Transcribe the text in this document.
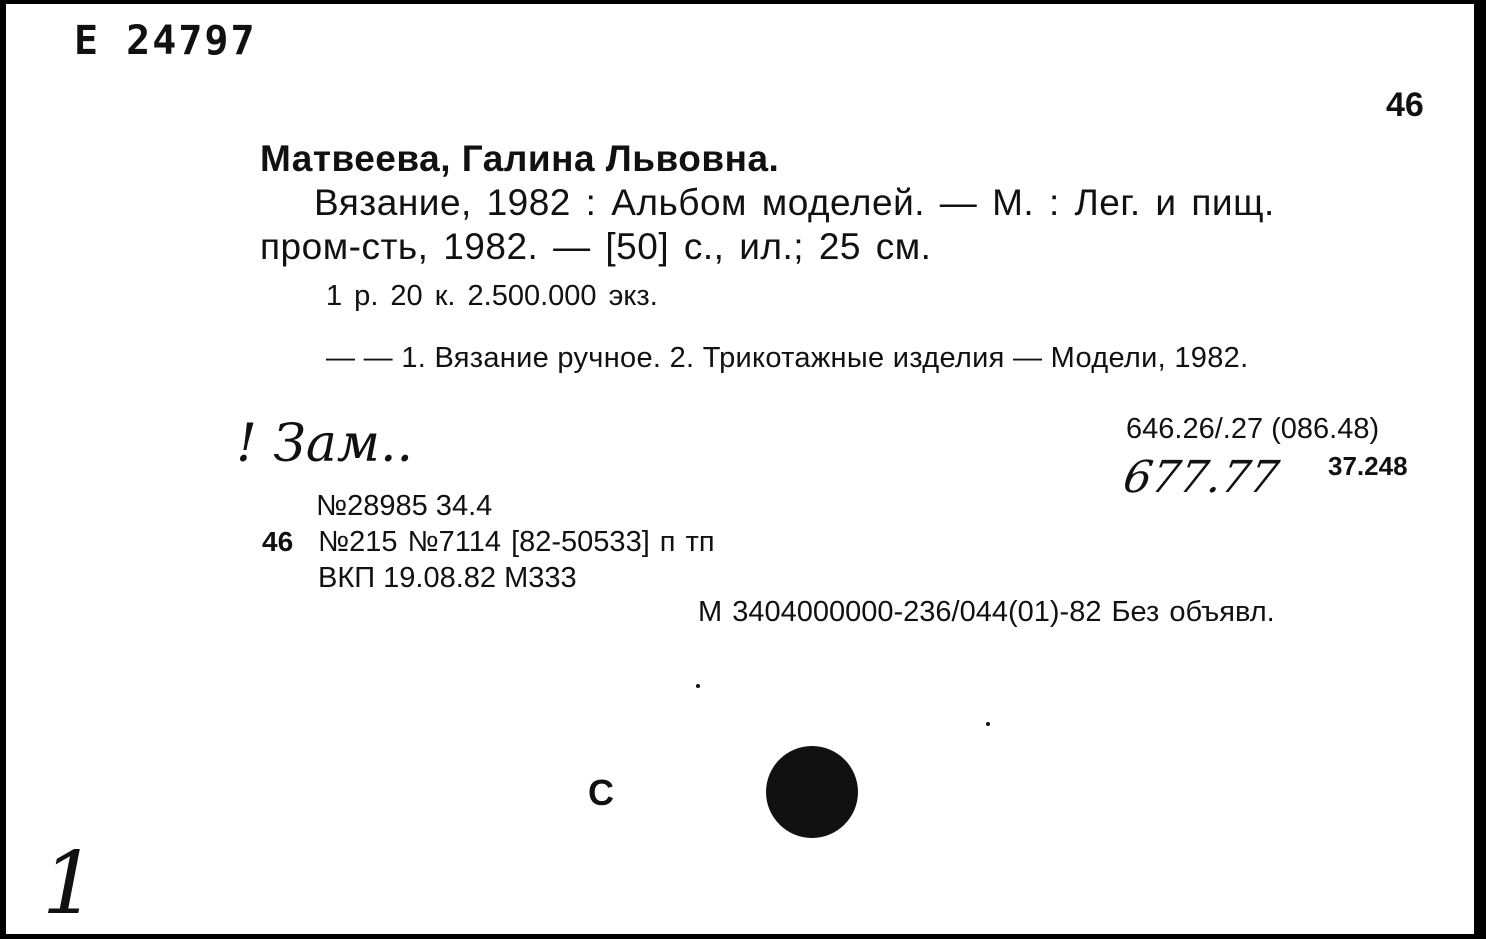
Е 24797
46
Матвеева, Галина Львовна.
Вязание, 1982 : Альбом моделей. — М. : Лег. и пищ.
пром-сть, 1982. — [50] с., ил.; 25 см.
1 р. 20 к. 2.500.000 экз.
— — 1. Вязание ручное. 2. Трикотажные изделия — Модели, 1982.
646.26/.27 (086.48)
37.248
677.77
! Зам..
№28985 34.4
46 №215 №7114 [82-50533] п тп
ВКП 19.08.82 М333
М 3404000000-236/044(01)-82 Без объявл.
С
1
